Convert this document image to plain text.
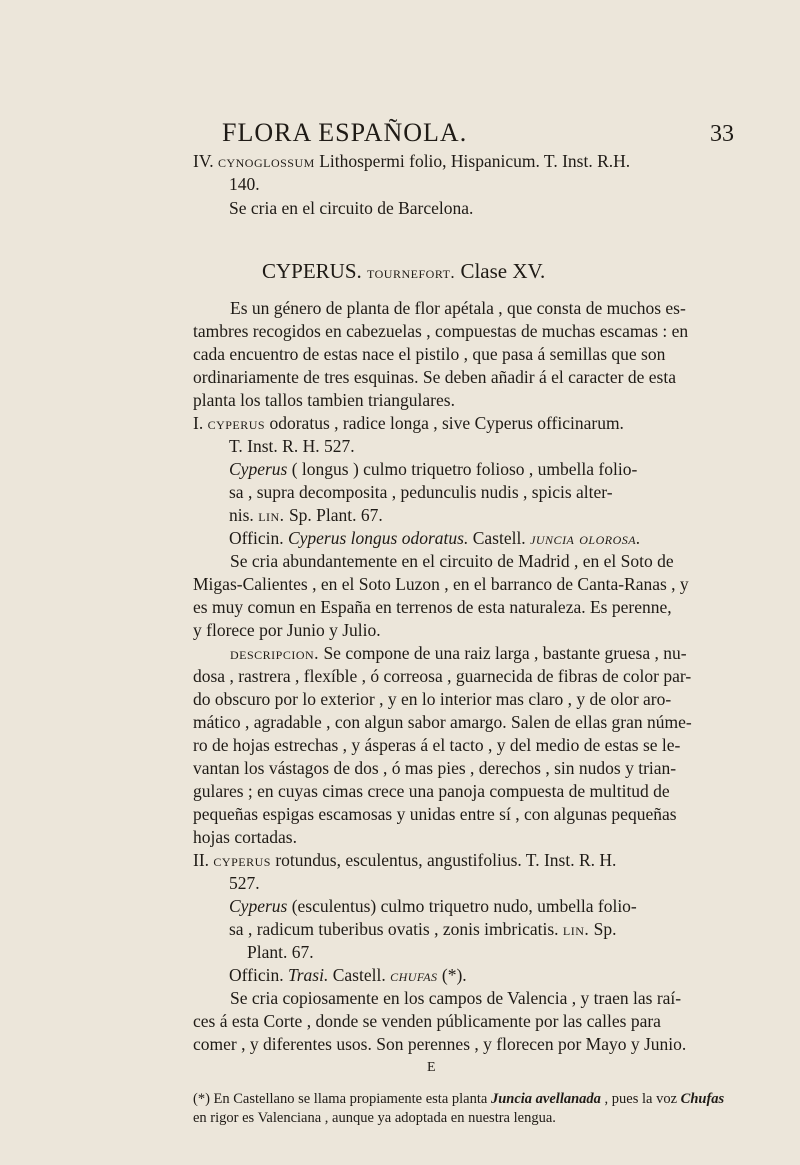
FLORA ESPAÑOLA.	33
IV. cynoglossum Lithospermi folio, Hispanicum. T. Inst. R.H.
140.
Se cria en el circuito de Barcelona.
CYPERUS. tournefort. Clase XV.
Es un género de planta de flor apétala , que consta de muchos es-
tambres recogidos en cabezuelas , compuestas de muchas escamas : en
cada encuentro de estas nace el pistilo , que pasa á semillas que son
ordinariamente de tres esquinas. Se deben añadir á el caracter de esta
planta los tallos tambien triangulares.
I. cyperus odoratus , radice longa , sive Cyperus officinarum.
T. Inst. R. H. 527.
Cyperus ( longus ) culmo triquetro folioso , umbella folio-
sa , supra decomposita , pedunculis nudis , spicis alter-
nis. lin. Sp. Plant. 67.
Officin. Cyperus longus odoratus. Castell. juncia olorosa.
Se cria abundantemente en el circuito de Madrid , en el Soto de
Migas-Calientes , en el Soto Luzon , en el barranco de Canta-Ranas , y
es muy comun en España en terrenos de esta naturaleza. Es perenne,
y florece por Junio y Julio.
descripcion. Se compone de una raiz larga , bastante gruesa , nu-
dosa , rastrera , flexíble , ó correosa , guarnecida de fibras de color par-
do obscuro por lo exterior , y en lo interior mas claro , y de olor aro-
mático , agradable , con algun sabor amargo. Salen de ellas gran núme-
ro de hojas estrechas , y ásperas á el tacto , y del medio de estas se le-
vantan los vástagos de dos , ó mas pies , derechos , sin nudos y trian-
gulares ; en cuyas cimas crece una panoja compuesta de multitud de
pequeñas espigas escamosas y unidas entre sí , con algunas pequeñas
hojas cortadas.
II. cyperus rotundus, esculentus, angustifolius. T. Inst. R. H.
527.
Cyperus (esculentus) culmo triquetro nudo, umbella folio-
sa , radicum tuberibus ovatis , zonis imbricatis. lin. Sp.
Plant. 67.
Officin. Trasi. Castell. chufas (*).
Se cria copiosamente en los campos de Valencia , y traen las raí-
ces á esta Corte , donde se venden públicamente por las calles para
comer , y diferentes usos. Son perennes , y florecen por Mayo y Junio.
E
(*) En Castellano se llama propiamente esta planta Juncia avellanada , pues la voz Chufas
en rigor es Valenciana , aunque ya adoptada en nuestra lengua.
